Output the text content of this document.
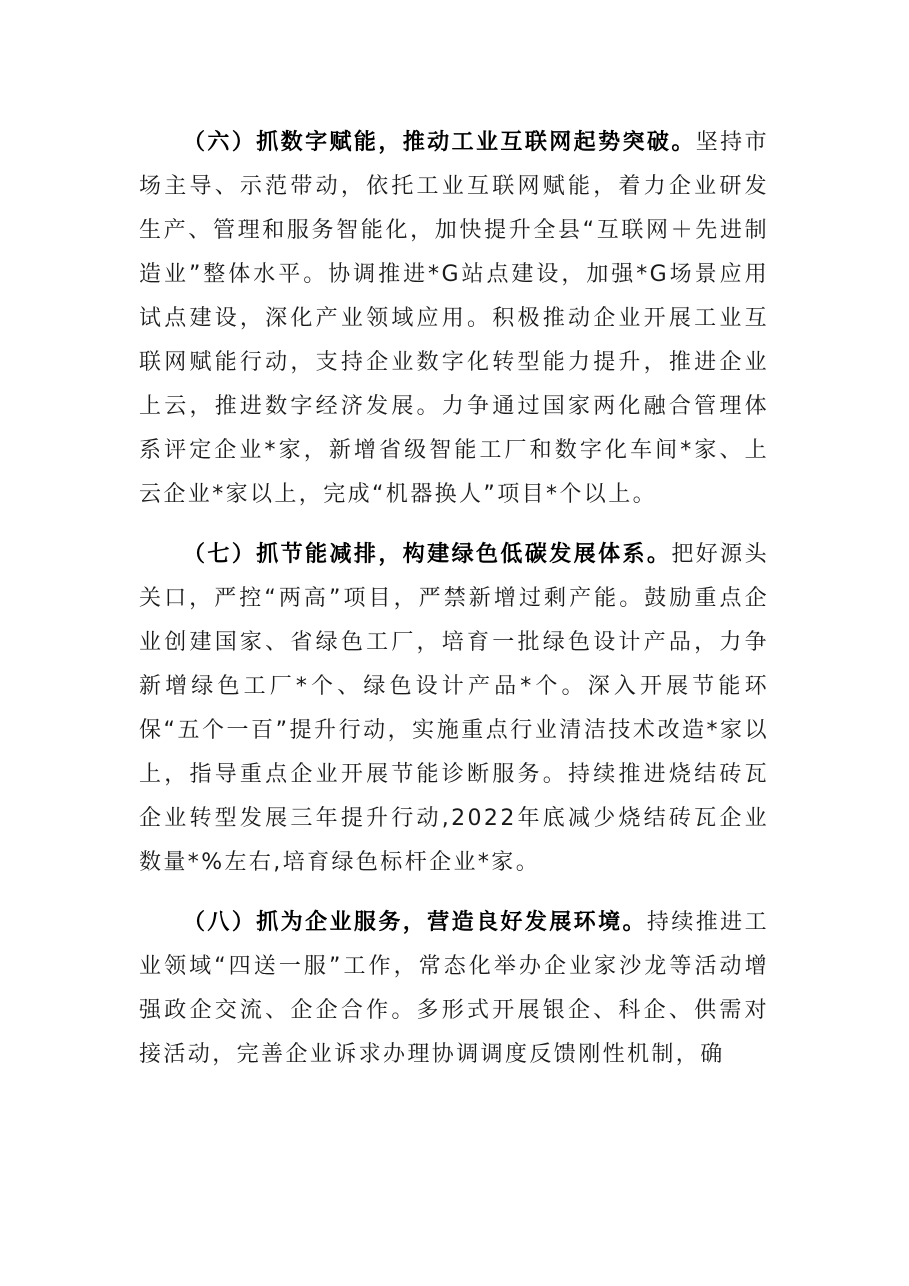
（六）抓数字赋能，推动工业互联网起势突破。坚持市场主导、示范带动，依托工业互联网赋能，着力企业研发生产、管理和服务智能化，加快提升全县“互联网＋先进制造业”整体水平。协调推进*G站点建设，加强*G场景应用试点建设，深化产业领域应用。积极推动企业开展工业互联网赋能行动，支持企业数字化转型能力提升，推进企业上云，推进数字经济发展。力争通过国家两化融合管理体系评定企业*家，新增省级智能工厂和数字化车间*家、上云企业*家以上，完成“机器换人”项目*个以上。

（七）抓节能减排，构建绿色低碳发展体系。把好源头关口，严控“两高”项目，严禁新增过剩产能。鼓励重点企业创建国家、省绿色工厂，培育一批绿色设计产品，力争新增绿色工厂*个、绿色设计产品*个。深入开展节能环保“五个一百”提升行动，实施重点行业清洁技术改造*家以上，指导重点企业开展节能诊断服务。持续推进烧结砖瓦企业转型发展三年提升行动,2022年底减少烧结砖瓦企业数量*%左右,培育绿色标杆企业*家。

（八）抓为企业服务，营造良好发展环境。持续推进工业领域“四送一服”工作，常态化举办企业家沙龙等活动增强政企交流、企企合作。多形式开展银企、科企、供需对接活动，完善企业诉求办理协调调度反馈刚性机制，确
